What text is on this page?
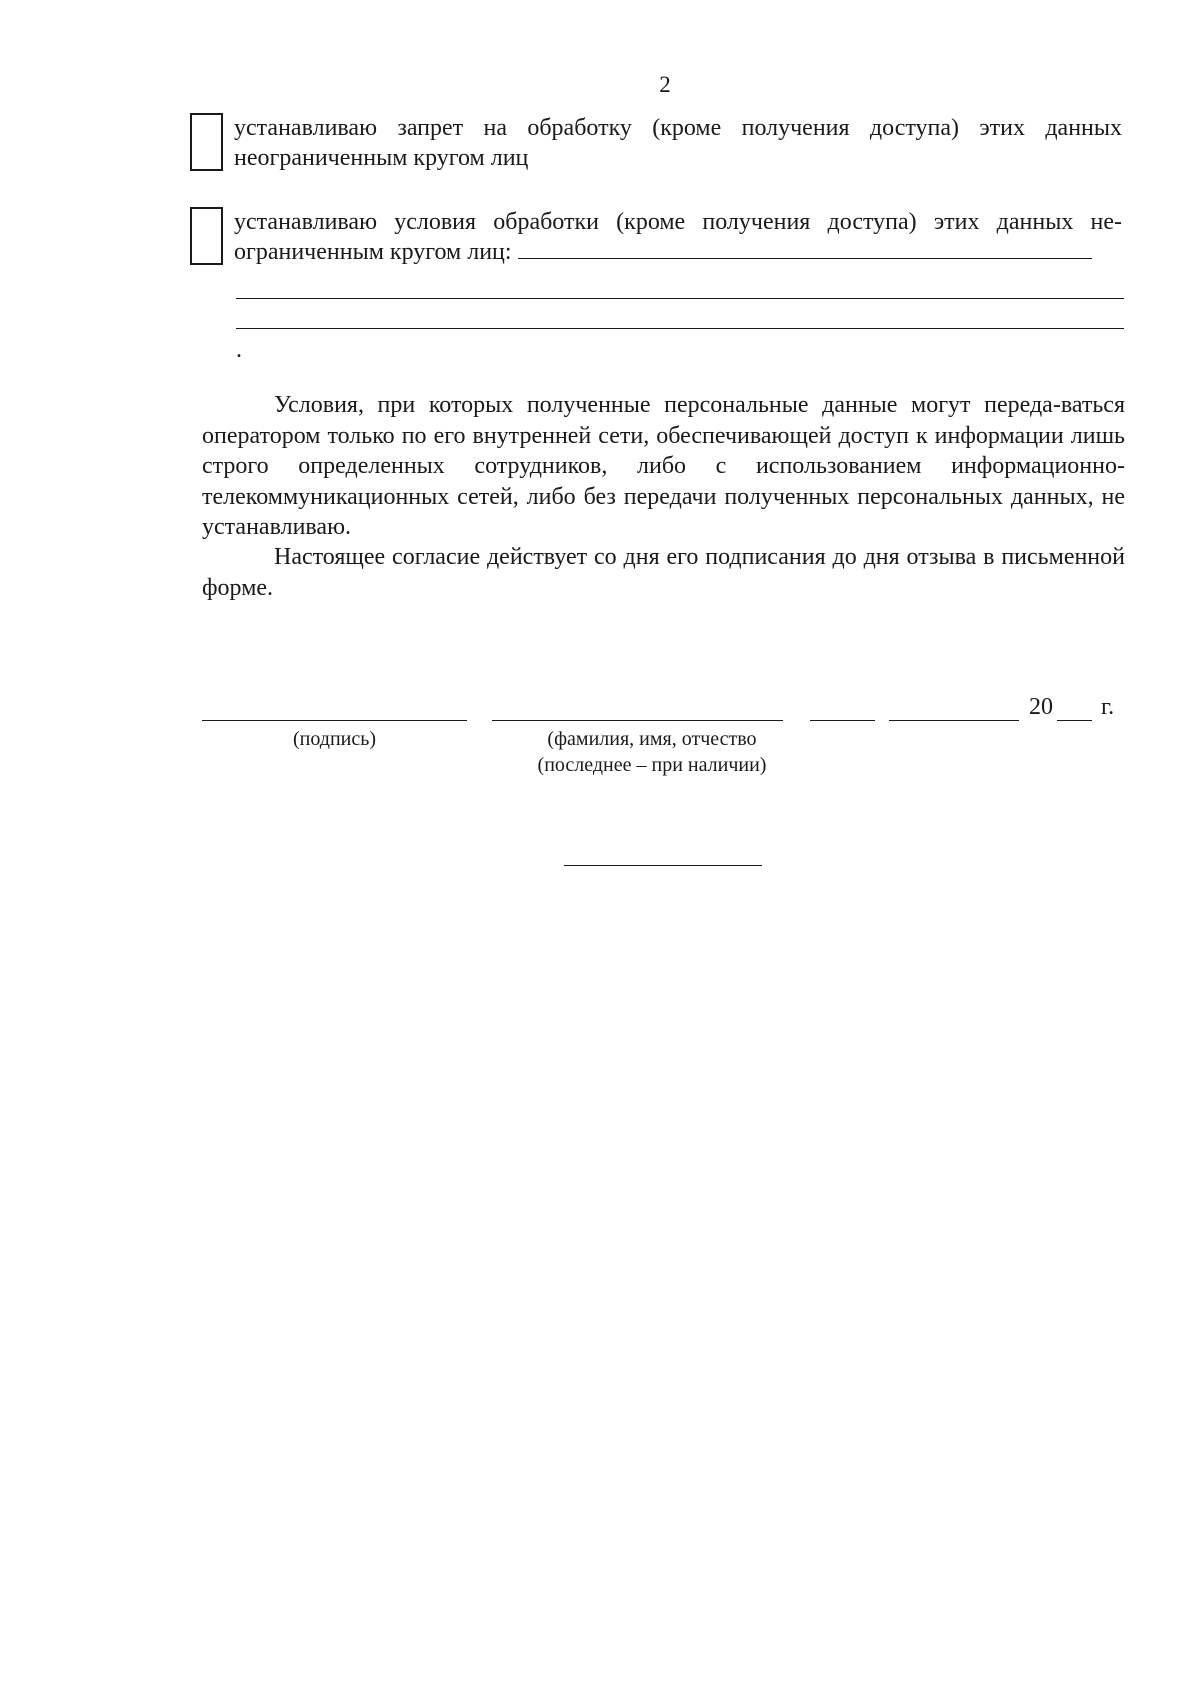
2
устанавливаю запрет на обработку (кроме получения доступа) этих данных неограниченным кругом лиц
устанавливаю условия обработки (кроме получения доступа) этих данных не-ограниченным кругом лиц:
.

Условия, при которых полученные персональные данные могут переда-ваться оператором только по его внутренней сети, обеспечивающей доступ к информации лишь строго определенных сотрудников, либо с использованием информационно-телекоммуникационных сетей, либо без передачи полученных персональных данных, не устанавливаю.

Настоящее согласие действует со дня его подписания до дня отзыва в письменной форме.

20 г.
(подпись)	(фамилия, имя, отчество
(последнее – при наличии)
